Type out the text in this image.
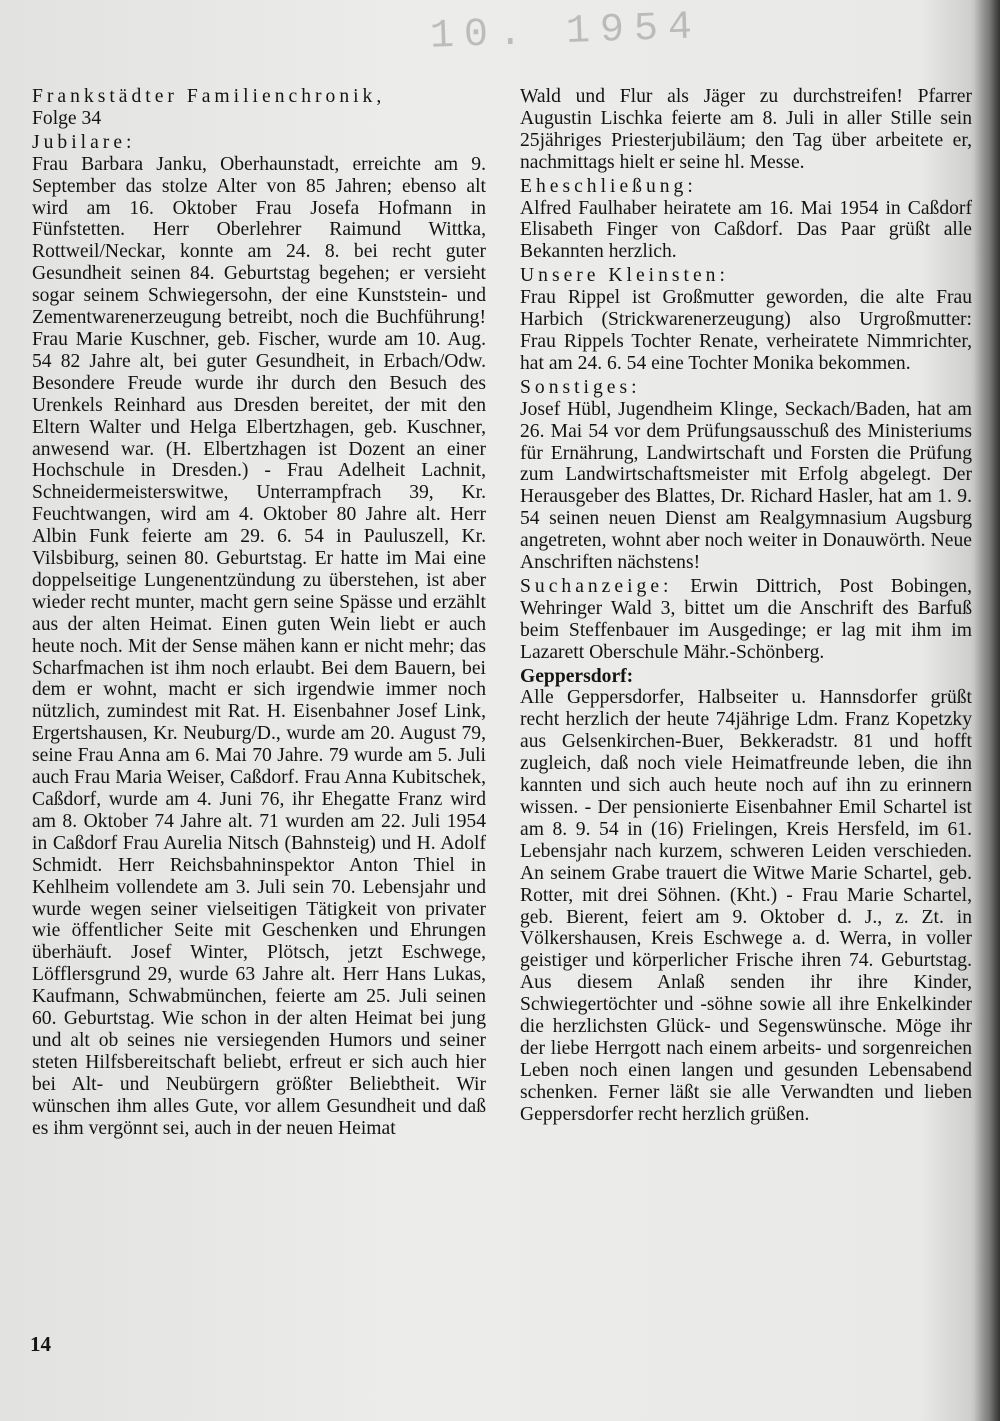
10. 1954
Frankstädter Familienchronik,
Folge 34
Jubilare:

Frau Barbara Janku, Oberhaunstadt, erreichte am 9. September das stolze Alter von 85 Jahren; ebenso alt wird am 16. Oktober Frau Josefa Hofmann in Fünfstetten. Herr Oberlehrer Raimund Wittka, Rottweil/Neckar, konnte am 24. 8. bei recht guter Gesundheit seinen 84. Geburtstag begehen; er versieht sogar seinem Schwiegersohn, der eine Kunststein- und Zementwarenerzeugung betreibt, noch die Buchführung! Frau Marie Kuschner, geb. Fischer, wurde am 10. Aug. 54 82 Jahre alt, bei guter Gesundheit, in Erbach/Odw. Besondere Freude wurde ihr durch den Besuch des Urenkels Reinhard aus Dresden bereitet, der mit den Eltern Walter und Helga Elbertzhagen, geb. Kuschner, anwesend war. (H. Elbertzhagen ist Dozent an einer Hochschule in Dresden.) - Frau Adelheit Lachnit, Schneidermeisterswitwe, Unterrampfrach 39, Kr. Feuchtwangen, wird am 4. Oktober 80 Jahre alt. Herr Albin Funk feierte am 29. 6. 54 in Pauluszell, Kr. Vilsbiburg, seinen 80. Geburtstag. Er hatte im Mai eine doppelseitige Lungenentzündung zu überstehen, ist aber wieder recht munter, macht gern seine Spässe und erzählt aus der alten Heimat. Einen guten Wein liebt er auch heute noch. Mit der Sense mähen kann er nicht mehr; das Scharfmachen ist ihm noch erlaubt. Bei dem Bauern, bei dem er wohnt, macht er sich irgendwie immer noch nützlich, zumindest mit Rat. H. Eisenbahner Josef Link, Ergertshausen, Kr. Neuburg/D., wurde am 20. August 79, seine Frau Anna am 6. Mai 70 Jahre. 79 wurde am 5. Juli auch Frau Maria Weiser, Caßdorf. Frau Anna Kubitschek, Caßdorf, wurde am 4. Juni 76, ihr Ehegatte Franz wird am 8. Oktober 74 Jahre alt. 71 wurden am 22. Juli 1954 in Caßdorf Frau Aurelia Nitsch (Bahnsteig) und H. Adolf Schmidt. Herr Reichsbahninspektor Anton Thiel in Kehlheim vollendete am 3. Juli sein 70. Lebensjahr und wurde wegen seiner vielseitigen Tätigkeit von privater wie öffentlicher Seite mit Geschenken und Ehrungen überhäuft. Josef Winter, Plötsch, jetzt Eschwege, Löfflersgrund 29, wurde 63 Jahre alt. Herr Hans Lukas, Kaufmann, Schwabmünchen, feierte am 25. Juli seinen 60. Geburtstag. Wie schon in der alten Heimat bei jung und alt ob seines nie versiegenden Humors und seiner steten Hilfsbereitschaft beliebt, erfreut er sich auch hier bei Alt- und Neubürgern größter Beliebtheit. Wir wünschen ihm alles Gute, vor allem Gesundheit und daß es ihm vergönnt sei, auch in der neuen Heimat

Wald und Flur als Jäger zu durchstreifen! Pfarrer Augustin Lischka feierte am 8. Juli in aller Stille sein 25jähriges Priesterjubiläum; den Tag über arbeitete er, nachmittags hielt er seine hl. Messe.

Eheschließung:

Alfred Faulhaber heiratete am 16. Mai 1954 in Caßdorf Elisabeth Finger von Caßdorf. Das Paar grüßt alle Bekannten herzlich.

Unsere Kleinsten:

Frau Rippel ist Großmutter geworden, die alte Frau Harbich (Strickwarenerzeugung) also Urgroßmutter: Frau Rippels Tochter Renate, verheiratete Nimmrichter, hat am 24. 6. 54 eine Tochter Monika bekommen.

Sonstiges:

Josef Hübl, Jugendheim Klinge, Seckach/Baden, hat am 26. Mai 54 vor dem Prüfungsausschuß des Ministeriums für Ernährung, Landwirtschaft und Forsten die Prüfung zum Landwirtschaftsmeister mit Erfolg abgelegt. Der Herausgeber des Blattes, Dr. Richard Hasler, hat am 1. 9. 54 seinen neuen Dienst am Realgymnasium Augsburg angetreten, wohnt aber noch weiter in Donauwörth. Neue Anschriften nächstens!

Suchanzeige: Erwin Dittrich, Post Bobingen, Wehringer Wald 3, bittet um die Anschrift des Barfuß beim Steffenbauer im Ausgedinge; er lag mit ihm im Lazarett Oberschule Mähr.-Schönberg.

Geppersdorf:

Alle Geppersdorfer, Halbseiter u. Hannsdorfer grüßt recht herzlich der heute 74jährige Ldm. Franz Kopetzky aus Gelsenkirchen-Buer, Bekkeradstr. 81 und hofft zugleich, daß noch viele Heimatfreunde leben, die ihn kannten und sich auch heute noch auf ihn zu erinnern wissen. - Der pensionierte Eisenbahner Emil Schartel ist am 8. 9. 54 in (16) Frielingen, Kreis Hersfeld, im 61. Lebensjahr nach kurzem, schweren Leiden verschieden. An seinem Grabe trauert die Witwe Marie Schartel, geb. Rotter, mit drei Söhnen. (Kht.) - Frau Marie Schartel, geb. Bierent, feiert am 9. Oktober d. J., z. Zt. in Völkershausen, Kreis Eschwege a. d. Werra, in voller geistiger und körperlicher Frische ihren 74. Geburtstag. Aus diesem Anlaß senden ihr ihre Kinder, Schwiegertöchter und -söhne sowie all ihre Enkelkinder die herzlichsten Glück- und Segenswünsche. Möge ihr der liebe Herrgott nach einem arbeits- und sorgenreichen Leben noch einen langen und gesunden Lebensabend schenken. Ferner läßt sie alle Verwandten und lieben Geppersdorfer recht herzlich grüßen.

14
